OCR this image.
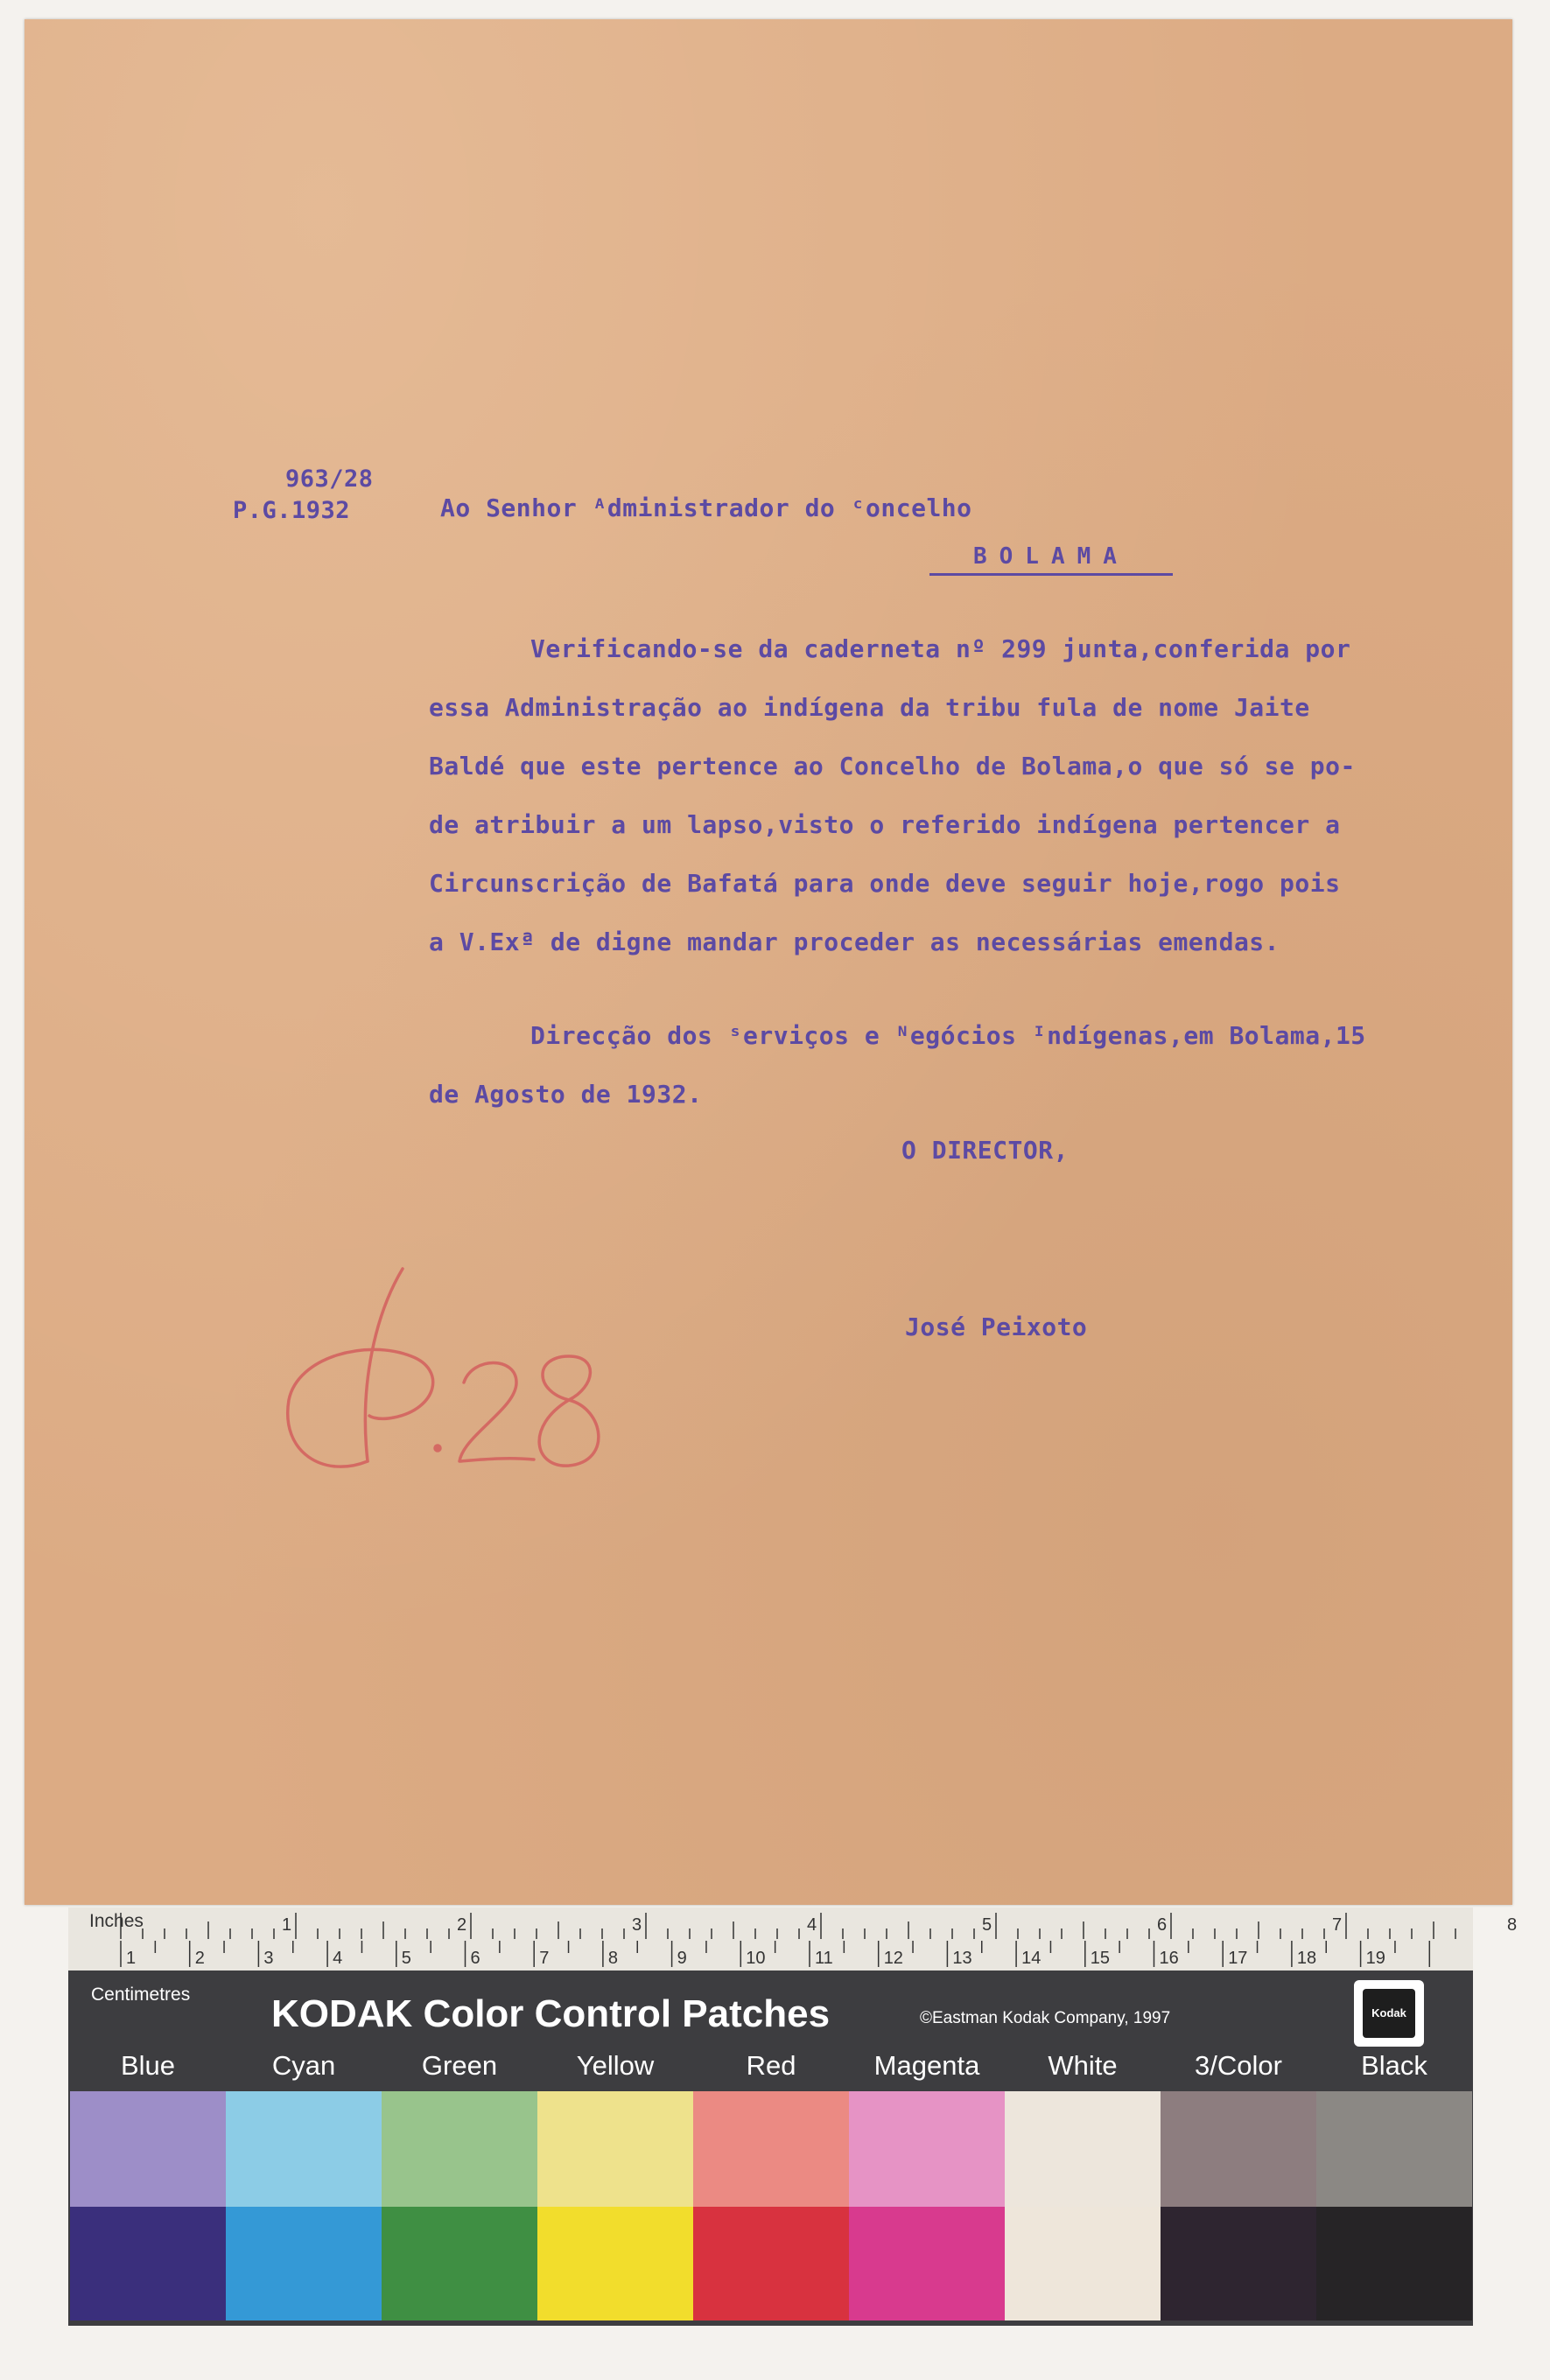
963/28
P.G.1932	Ao Senhor ᴬdministrador do ᶜoncelho
BOLAMA
Verificando-se da caderneta nº 299 junta,conferida por
essa Administração ao indígena da tribu fula de nome Jaite
Baldé que este pertence ao Concelho de Bolama,o que só se po-
de atribuir a um lapso,visto o referido indígena pertencer a
Circunscrição de Bafatá para onde deve seguir hoje,rogo pois
a V.Exª de digne mandar proceder as necessárias emendas.
Direcção dos ˢerviços e ᴺegócios ᴵndígenas,em Bolama,15
de Agosto de 1932.
O DIRECTOR,
José Peixoto
1	2	3	4	5	6	7	8
1	2	3	4	5	6	7	8	9	10	11	12	13	14	15	16	17	18	19
Inches
Centimetres KODAK Color Control Patches	©Eastman Kodak Company, 1997	Kodak
Blue	Cyan	Green	Yellow	Red	Magenta	White	3/Color	Black
